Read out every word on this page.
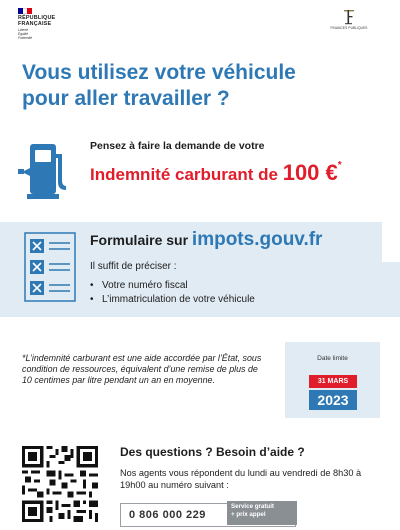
RÉPUBLIQUE
FRANÇAISE
Liberté
Égalité
Fraternité
FINANCES PUBLIQUES
Vous utilisez votre véhicule
pour aller travailler ?
Pensez à faire la demande de votre
Indemnité carburant de 100 €*
Formulaire sur impots.gouv.fr
Il suffit de préciser :
• Votre numéro fiscal
• L’immatriculation de votre véhicule
*L’indemnité carburant est une aide accordée par l’État, sous condition de ressources, équivalent d’une remise de plus de 10 centimes par litre pendant un an en moyenne.
Date limite
31 MARS
2023
Des questions ? Besoin d’aide ?
Nos agents vous répondent du lundi au vendredi de 8h30 à 19h00 au numéro suivant :
0 806 000 229
Service gratuit
+ prix appel
